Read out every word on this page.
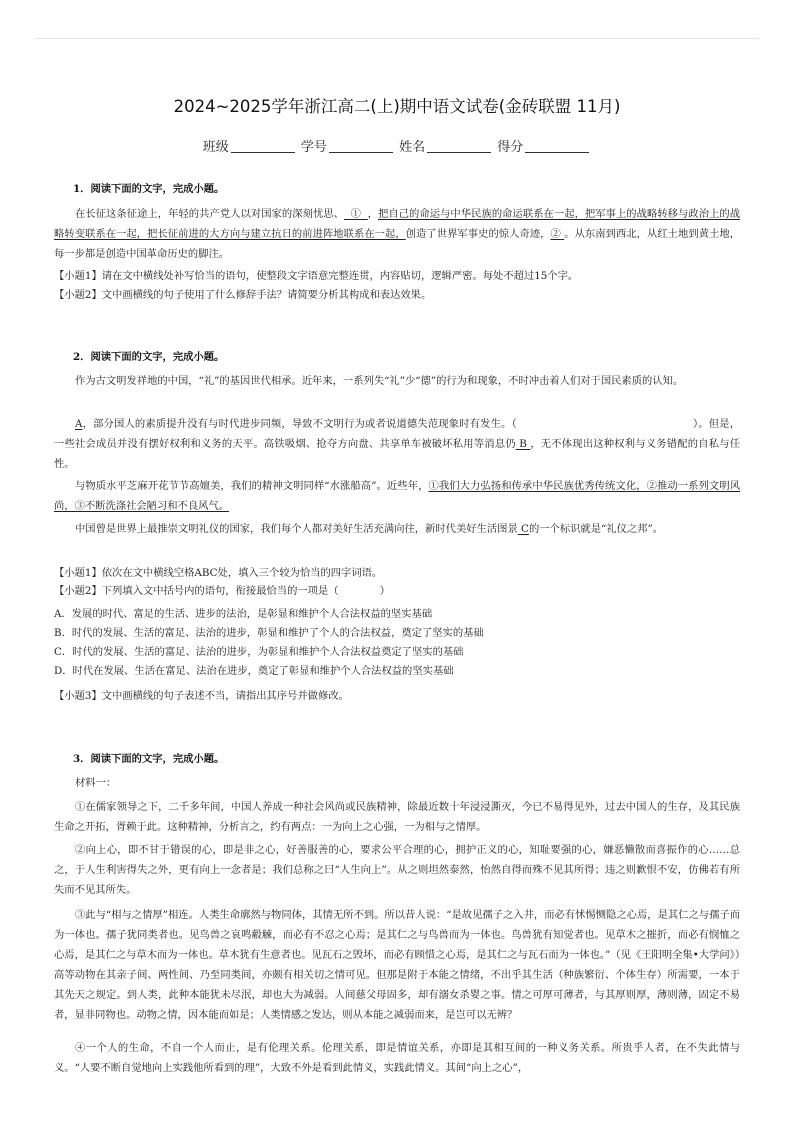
2024~2025学年浙江高二(上)期中语文试卷(金砖联盟 11月)
班级	学号	姓名	得分
1．阅读下面的文字，完成小题。
在长征这条征途上，年轻的共产党人以对国家的深刻忧思、 ① ，把自己的命运与中华民族的命运联系在一起，把军事上的战略转移与政治上的战略转变联系在一起，把长征前进的大方向与建立抗日的前进阵地联系在一起，创造了世界军事史的惊人奇迹，② 。从东南到西北，从红土地到黄土地，每一步都是创造中国革命历史的脚注。
【小题1】请在文中横线处补写恰当的语句，使整段文字语意完整连贯，内容贴切，逻辑严密。每处不超过15个字。
【小题2】文中画横线的句子使用了什么修辞手法？请简要分析其构成和表达效果。
2．阅读下面的文字，完成小题。
作为古文明发祥地的中国，“礼”的基因世代相承。近年来，一系列失“礼”少“德”的行为和现象，不时冲击着人们对于国民素质的认知。
A，部分国人的素质提升没有与时代进步同频，导致不文明行为或者说道德失范现象时有发生。（	）。但是，一些社会成员并没有摆好权利和义务的天平。高铁吸烟、抢夺方向盘、共享单车被破坏私用等消息仍 B ，无不体现出这种权利与义务错配的自私与任性。
与物质水平芝麻开花节节高嬗美，我们的精神文明同样“水涨船高”。近些年，①我们大力弘扬和传承中华民族优秀传统文化，②推动一系列文明风尚，③不断洗涤社会陋习和不良风气。
中国曾是世界上最推崇文明礼仪的国家，我们每个人都对美好生活充满向往，新时代美好生活图景 C的一个标识就是“礼仪之邦”。
【小题1】依次在文中横线空格ABC处，填入三个较为恰当的四字词语。
【小题2】下列填入文中括号内的语句，衔接最恰当的一项是（　　　　）
A．发展的时代、富足的生活、进步的法治，是彰显和维护个人合法权益的坚实基础
B．时代的发展、生活的富足、法治的进步，彰显和维护了个人的合法权益，奠定了坚实的基础
C．时代的发展、生活的富足、法治的进步，为彰显和维护个人合法权益奠定了坚实的基础
D．时代在发展、生活在富足、法治在进步，奠定了彰显和维护个人合法权益的坚实基础
【小题3】文中画横线的句子表述不当，请指出其序号并做修改。
3．阅读下面的文字，完成小题。
材料一：
①在儒家领导之下，二千多年间，中国人养成一种社会风尚或民族精神，除最近数十年浸浸澌灭，今已不易得见外，过去中国人的生存，及其民族生命之开拓，胥赖于此。这种精神，分析言之，约有两点：一为向上之心强，一为相与之情厚。
②向上心，即不甘于错误的心，即是非之心，好善服善的心，要求公平合理的心，拥护正义的心，知耻要强的心，嫌恶懒散而喜振作的心……总之，于人生利害得失之外，更有向上一念者是；我们总称之曰“人生向上”。从之则坦然泰然，怡然自得而殊不见其所得；违之则歉恨不安，仿佛若有所失而不见其所失。
③此与“相与之情厚”相连。人类生命廓然与物同体，其情无所不到。所以昔人说：“是故见孺子之入井，而必有怵惕恻隐之心焉，是其仁之与孺子而为一体也。孺子犹同类者也。见鸟兽之哀鸣觳觫，而必有不忍之心焉；是其仁之与鸟兽而为一体也。鸟兽犹有知觉者也。见草木之摧折，而必有悯恤之心焉，是其仁之与草木而为一体也。草木犹有生意者也。见瓦石之毁坏，而必有顾惜之心焉，是其仁之与瓦石而为一体也。”（见《王阳明全集•大学问》）高等动物在其亲子间、两性间、乃至同类间，亦颇有相关切之情可见。但那是附于本能之情绪，不出乎其生活（种族繁衍、个体生存）所需要，一本于其先天之规定。到人类，此种本能犹未尽泯，却也大为减弱。人间慈父母固多，却有溺女杀婴之事。情之可厚可薄者，与其厚则厚，薄则薄，固定不易者，显非同物也。动物之情，因本能而如是；人类情感之发达，则从本能之减弱而来，是岂可以无辨？
④一个人的生命，不自一个人而止，是有伦理关系。伦理关系，即是情谊关系，亦即是其相互间的一种义务关系。所贵乎人者，在不失此情与义。“人要不断自觉地向上实践他所看到的理”，大致不外是看到此情义，实践此情义。其间“向上之心”，
